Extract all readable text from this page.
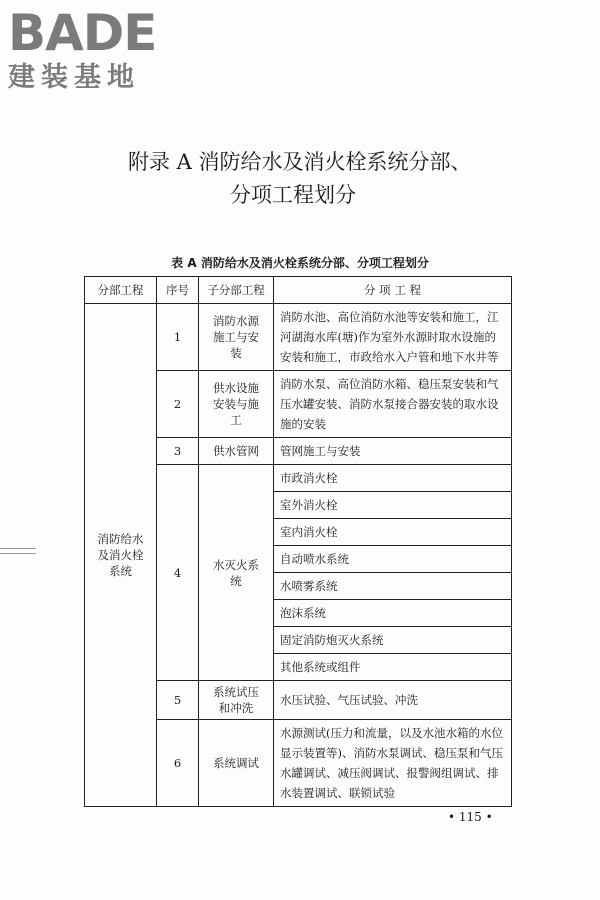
BADE
建装基地
附录 A 消防给水及消火栓系统分部、
分项工程划分
表 A 消防给水及消火栓系统分部、分项工程划分
分部工程	序号	子分部工程	分 项 工 程
消防给水及消火栓系统	1	消防水源施工与安装	消防水池、高位消防水池等安装和施工，江河湖海水库(塘)作为室外水源时取水设施的安装和施工，市政给水入户管和地下水井等
	2	供水设施安装与施工	消防水泵、高位消防水箱、稳压泵安装和气压水罐安装、消防水泵接合器安装的取水设施的安装
	3	供水管网	管网施工与安装
	4	水灭火系统	市政消火栓
			室外消火栓
			室内消火栓
			自动喷水系统
			水喷雾系统
			泡沫系统
			固定消防炮灭火系统
			其他系统或组件
	5	系统试压和冲洗	水压试验、气压试验、冲洗
	6	系统调试	水源测试(压力和流量，以及水池水箱的水位显示装置等)、消防水泵调试、稳压泵和气压水罐调试、减压阀调试、报警阀组调试、排水装置调试、联锁试验
• 115 •
